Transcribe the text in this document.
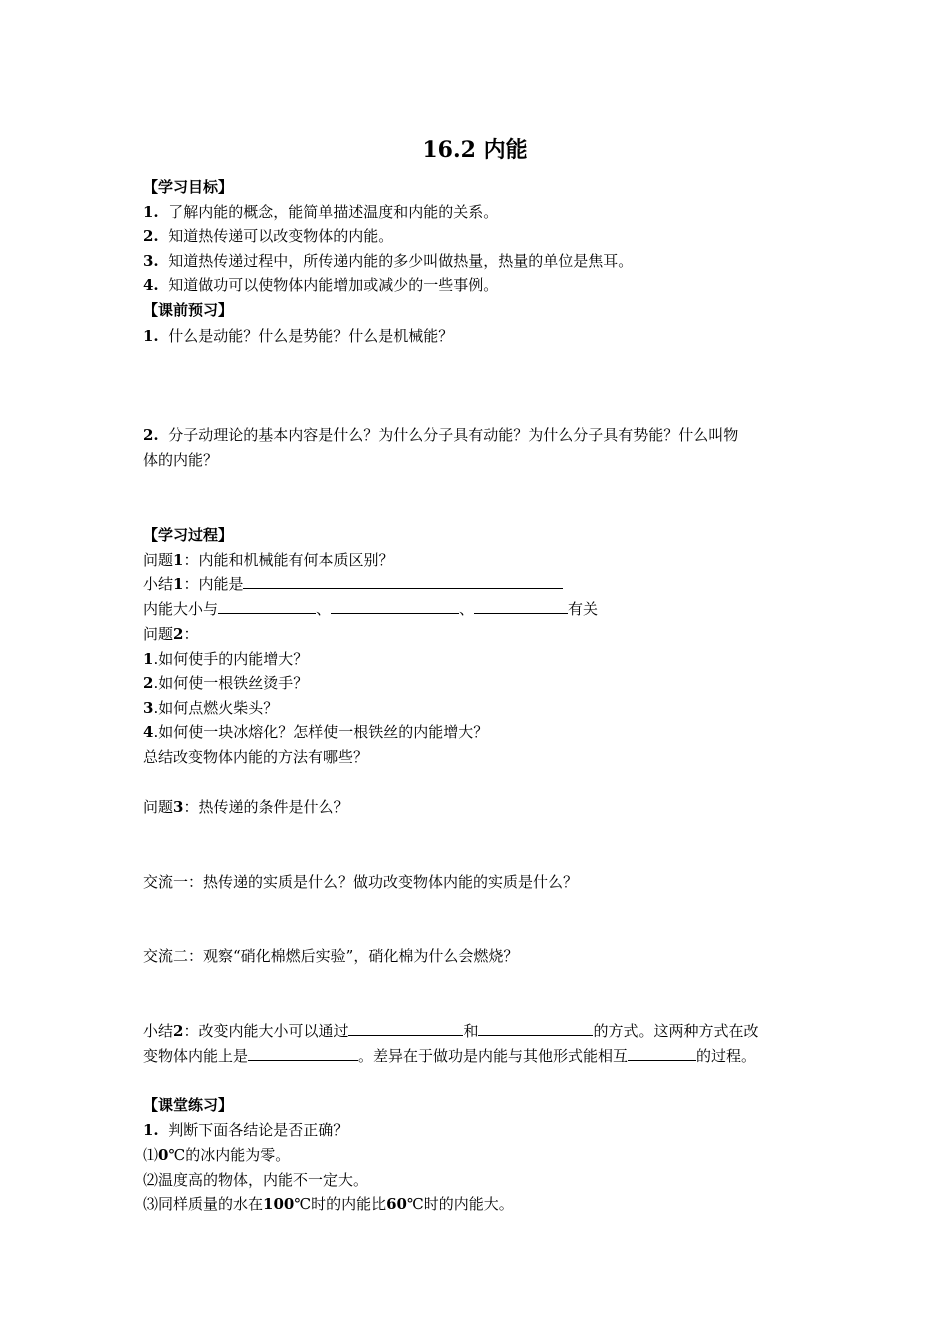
16.2 内能
【学习目标】
1. 了解内能的概念，能简单描述温度和内能的关系。
2. 知道热传递可以改变物体的内能。
3. 知道热传递过程中，所传递内能的多少叫做热量，热量的单位是焦耳。
4. 知道做功可以使物体内能增加或减少的一些事例。
【课前预习】
1. 什么是动能？什么是势能？什么是机械能？
2. 分子动理论的基本内容是什么？为什么分子具有动能？为什么分子具有势能？什么叫物
体的内能？
【学习过程】
问题1：内能和机械能有何本质区别？
小结1：内能是
内能大小与	、	、	有关
问题2：
1.如何使手的内能增大？
2.如何使一根铁丝烫手？
3.如何点燃火柴头？
4.如何使一块冰熔化？怎样使一根铁丝的内能增大？
总结改变物体内能的方法有哪些？
问题3：热传递的条件是什么？
交流一：热传递的实质是什么？做功改变物体内能的实质是什么？
交流二：观察“硝化棉燃后实验”，硝化棉为什么会燃烧？
小结2：改变内能大小可以通过	和	的方式。这两种方式在改
变物体内能上是	。差异在于做功是内能与其他形式能相互	的过程。
【课堂练习】
1. 判断下面各结论是否正确？
⑴0℃的冰内能为零。
⑵温度高的物体，内能不一定大。
⑶同样质量的水在100℃时的内能比60℃时的内能大。
